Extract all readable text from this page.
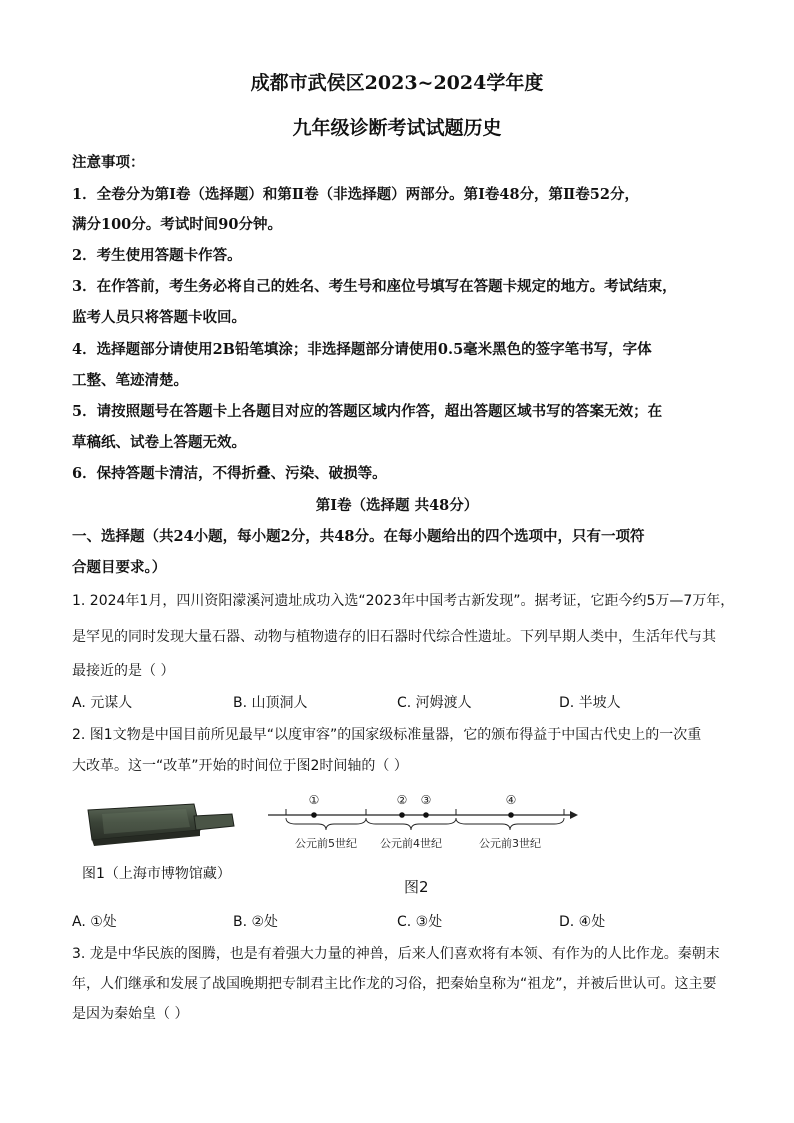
成都市武侯区2023~2024学年度
九年级诊断考试试题历史
注意事项：
1．全卷分为第Ⅰ卷（选择题）和第Ⅱ卷（非选择题）两部分。第Ⅰ卷48分，第Ⅱ卷52分，
满分100分。考试时间90分钟。
2．考生使用答题卡作答。
3．在作答前，考生务必将自己的姓名、考生号和座位号填写在答题卡规定的地方。考试结束，
监考人员只将答题卡收回。
4．选择题部分请使用2B铅笔填涂；非选择题部分请使用0.5毫米黑色的签字笔书写，字体
工整、笔迹清楚。
5．请按照题号在答题卡上各题目对应的答题区域内作答，超出答题区域书写的答案无效；在
草稿纸、试卷上答题无效。
6．保持答题卡清洁，不得折叠、污染、破损等。
第Ⅰ卷（选择题 共48分）
一、选择题（共24小题，每小题2分，共48分。在每小题给出的四个选项中，只有一项符
合题目要求。）
1. 2024年1月，四川资阳濛溪河遗址成功入选“2023年中国考古新发现”。据考证，它距今约5万—7万年，
是罕见的同时发现大量石器、动物与植物遗存的旧石器时代综合性遗址。下列早期人类中，生活年代与其
最接近的是（ ）
A. 元谋人	B. 山顶洞人	C. 河姆渡人	D. 半坡人
2. 图1文物是中国目前所见最早“以度审容”的国家级标准量器，它的颁布得益于中国古代史上的一次重
大改革。这一“改革”开始的时间位于图2时间轴的（ ）
图1（上海市博物馆藏）
①	② ③	④
公元前5世纪 公元前4世纪	公元前3世纪
图2
A. ①处	B. ②处	C. ③处	D. ④处
3. 龙是中华民族的图腾，也是有着强大力量的神兽，后来人们喜欢将有本领、有作为的人比作龙。秦朝末
年，人们继承和发展了战国晚期把专制君主比作龙的习俗，把秦始皇称为“祖龙”，并被后世认可。这主要
是因为秦始皇（ ）
